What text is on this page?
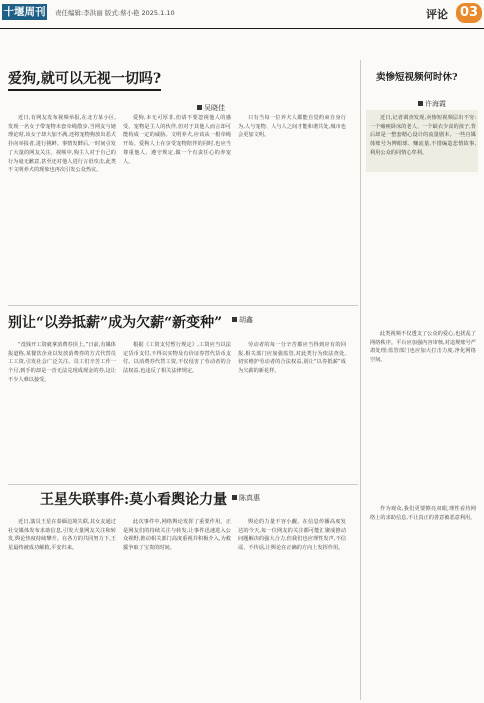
十堰周刊 责任编辑:李洪丽 版式:蔡小艳 2025.1.10	评论 03
爱狗,就可以无视一切吗?
吴晓佳
近日,有网友发布视频举报,在北方某小区,发现一名女子带宠物未套牵绳散步,当网友与她理论时,该女子却大加不满,还将宠物狗放出恶犬扑向举报者,进行挑衅。事情发酵后,一时间引发了大量的网友关注。视频中,狗主人对于自己的行为毫无歉意,甚至还对他人进行言语攻击,此类不文明养犬的现象也再次引发公众热议。
爱狗,本无可厚非,但请不要忽视他人的感受。宠物是主人的伙伴,但对于其他人而言却可能构成一定的威胁。文明养犬,应该从一根牵绳开始。爱狗人士在享受宠物陪伴的同时,也应当尊重他人、遵守规定,做一个有责任心的养宠人。
只有当每一位养犬人都能自觉约束自身行为,人与宠物、人与人之间才能和谐共处,城市也会更加文明。
别让“以券抵薪”成为欠薪“新变种”	胡鑫
“没钱开工资就拿消费券顶上。”日前,有媒体报道称,某餐饮企业以发放消费券的方式代替员工工资,引发社会广泛关注。员工们辛苦工作一个月,到手的却是一沓无法兑现成现金的券,这让不少人难以接受。
根据《工资支付暂行规定》,工资应当以法定货币支付,不得以实物及有价证券替代货币支付。以消费券代替工资,不仅侵害了劳动者的合法权益,也违反了相关法律规定。
劳动者的每一分辛苦都应当得到应有的回报,相关部门应加强监管,对此类行为依法查处,切实维护劳动者的合法权益,别让“以券抵薪”成为欠薪的新花样。
王星失联事件:莫小看舆论力量	陈真惠
近日,演员王星在泰缅边境失联,其女友通过社交媒体发布求助信息,引发大量网友关注和转发,舆论热度持续攀升。在各方的共同努力下,王星最终被成功解救,平安归来。
此次事件中,网络舆论发挥了重要作用。正是网友们的持续关注与转发,让事件迅速进入公众视野,推动相关部门高度重视并积极介入,为救援争取了宝贵的时间。
舆论的力量不容小觑。在信息传播高度发达的今天,每一位网友的关注都可能汇聚成推动问题解决的强大合力,但我们也应理性发声,不信谣、不传谣,让舆论在正确的方向上发挥作用。
卖惨短视频何时休?
许海霞
近日,记者调查发现,卖惨短视频层出不穷:一个瘫痪卧床的老人、一个缺衣少食的孩子,背后却是一整套精心设计的流量剧本。一些自媒体账号为博眼球、赚流量,不惜编造悲情故事,利用公众的同情心牟利。
此类视频不仅透支了公众的爱心,也扰乱了网络秩序。平台应加强内容审核,对违规账号严肃处理;监管部门也应加大打击力度,净化网络空间。
作为观众,我们更要擦亮双眼,理性看待网络上的求助信息,不让真正的善意被恶意利用。
